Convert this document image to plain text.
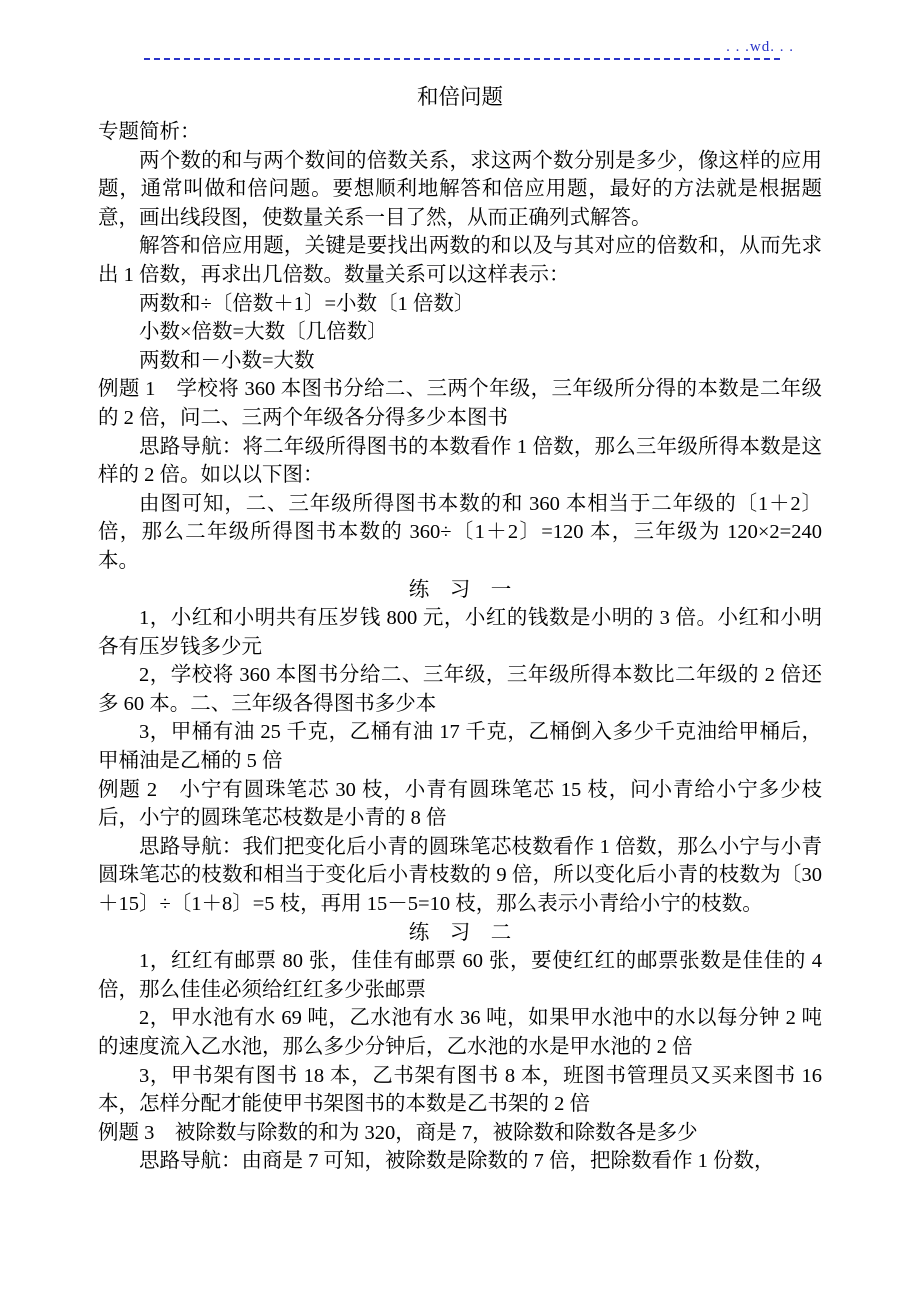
. . .wd. . .
和倍问题

专题简析：

两个数的和与两个数间的倍数关系，求这两个数分别是多少，像这样的应用题，通常叫做和倍问题。要想顺利地解答和倍应用题，最好的方法就是根据题意，画出线段图，使数量关系一目了然，从而正确列式解答。

解答和倍应用题，关键是要找出两数的和以及与其对应的倍数和，从而先求出 1 倍数，再求出几倍数。数量关系可以这样表示：

两数和÷〔倍数＋1〕=小数〔1 倍数〕

小数×倍数=大数〔几倍数〕

两数和－小数=大数

例题 1　学校将 360 本图书分给二、三两个年级，三年级所分得的本数是二年级的 2 倍，问二、三两个年级各分得多少本图书

思路导航：将二年级所得图书的本数看作 1 倍数，那么三年级所得本数是这样的 2 倍。如以以下图：

由图可知，二、三年级所得图书本数的和 360 本相当于二年级的〔1＋2〕倍，那么二年级所得图书本数的 360÷〔1＋2〕=120 本，三年级为 120×2=240 本。

练　习　一

1，小红和小明共有压岁钱 800 元，小红的钱数是小明的 3 倍。小红和小明各有压岁钱多少元

2，学校将 360 本图书分给二、三年级，三年级所得本数比二年级的 2 倍还多 60 本。二、三年级各得图书多少本

3，甲桶有油 25 千克，乙桶有油 17 千克，乙桶倒入多少千克油给甲桶后，甲桶油是乙桶的 5 倍

例题 2　小宁有圆珠笔芯 30 枝，小青有圆珠笔芯 15 枝，问小青给小宁多少枝后，小宁的圆珠笔芯枝数是小青的 8 倍

思路导航：我们把变化后小青的圆珠笔芯枝数看作 1 倍数，那么小宁与小青圆珠笔芯的枝数和相当于变化后小青枝数的 9 倍，所以变化后小青的枝数为〔30＋15〕÷〔1＋8〕=5 枝，再用 15－5=10 枝，那么表示小青给小宁的枝数。

练　习　二

1，红红有邮票 80 张，佳佳有邮票 60 张，要使红红的邮票张数是佳佳的 4 倍，那么佳佳必须给红红多少张邮票

2，甲水池有水 69 吨，乙水池有水 36 吨，如果甲水池中的水以每分钟 2 吨的速度流入乙水池，那么多少分钟后，乙水池的水是甲水池的 2 倍

3，甲书架有图书 18 本，乙书架有图书 8 本，班图书管理员又买来图书 16 本，怎样分配才能使甲书架图书的本数是乙书架的 2 倍

例题 3　被除数与除数的和为 320，商是 7，被除数和除数各是多少

思路导航：由商是 7 可知，被除数是除数的 7 倍，把除数看作 1 份数，
